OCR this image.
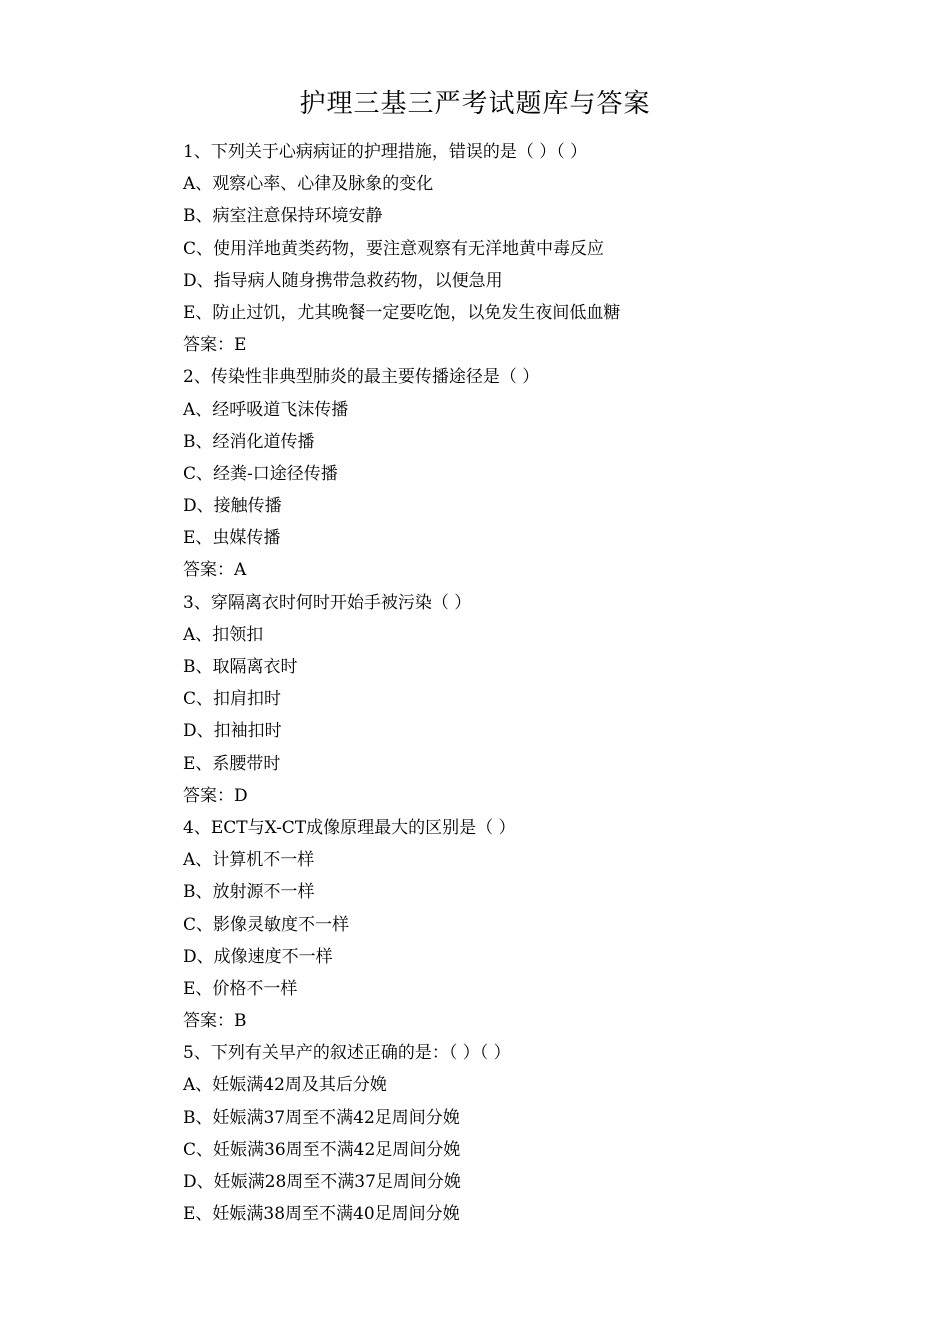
护理三基三严考试题库与答案
1、下列关于心病病证的护理措施，错误的是（ ）（ ）
A、观察心率、心律及脉象的变化
B、病室注意保持环境安静
C、使用洋地黄类药物，要注意观察有无洋地黄中毒反应
D、指导病人随身携带急救药物，以便急用
E、防止过饥，尤其晚餐一定要吃饱，以免发生夜间低血糖
答案：E
2、传染性非典型肺炎的最主要传播途径是（ ）
A、经呼吸道飞沫传播
B、经消化道传播
C、经粪-口途径传播
D、接触传播
E、虫媒传播
答案：A
3、穿隔离衣时何时开始手被污染（ ）
A、扣领扣
B、取隔离衣时
C、扣肩扣时
D、扣袖扣时
E、系腰带时
答案：D
4、ECT与X-CT成像原理最大的区别是（ ）
A、计算机不一样
B、放射源不一样
C、影像灵敏度不一样
D、成像速度不一样
E、价格不一样
答案：B
5、下列有关早产的叙述正确的是：（ ）（ ）
A、妊娠满42周及其后分娩
B、妊娠满37周至不满42足周间分娩
C、妊娠满36周至不满42足周间分娩
D、妊娠满28周至不满37足周间分娩
E、妊娠满38周至不满40足周间分娩
